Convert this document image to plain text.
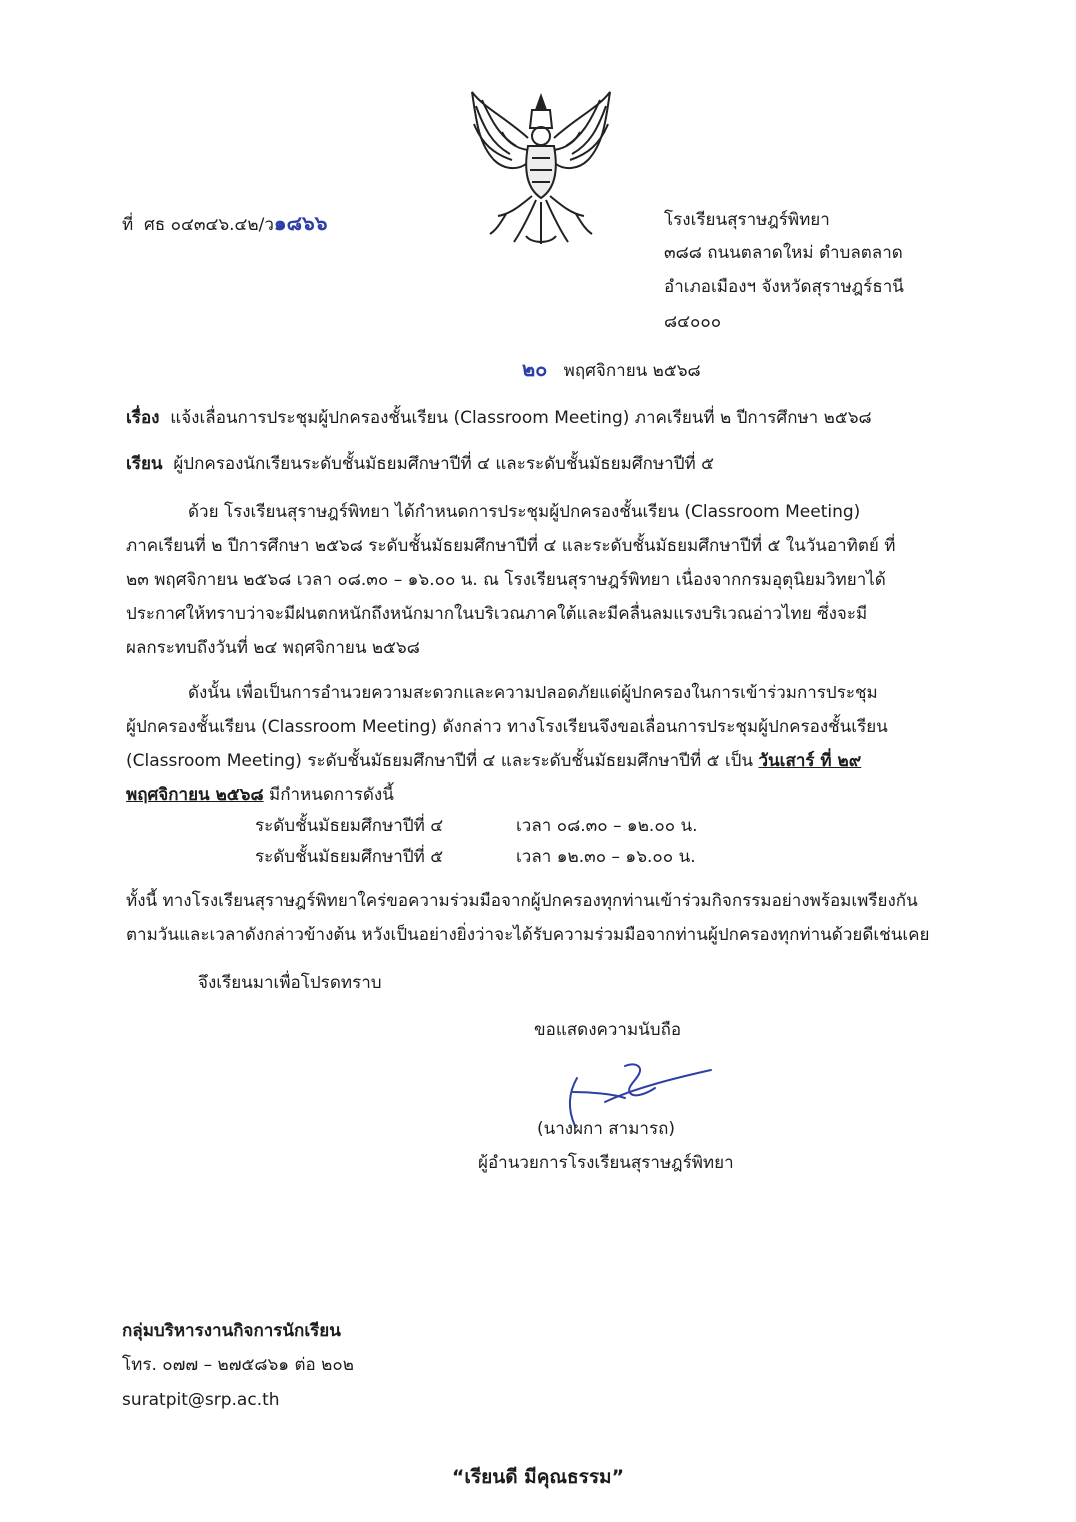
ที่ ศธ ๐๔๓๔๖.๔๒/ว๑๘๖๖	โรงเรียนสุราษฎร์พิทยา
๓๘๘ ถนนตลาดใหม่ ตำบลตลาด
อำเภอเมืองฯ จังหวัดสุราษฎร์ธานี
๘๔๐๐๐
๒๐ พฤศจิกายน ๒๕๖๘
เรื่อง แจ้งเลื่อนการประชุมผู้ปกครองชั้นเรียน (Classroom Meeting) ภาคเรียนที่ ๒ ปีการศึกษา ๒๕๖๘
เรียน ผู้ปกครองนักเรียนระดับชั้นมัธยมศึกษาปีที่ ๔ และระดับชั้นมัธยมศึกษาปีที่ ๕
ด้วย โรงเรียนสุราษฎร์พิทยา ได้กำหนดการประชุมผู้ปกครองชั้นเรียน (Classroom Meeting)
ภาคเรียนที่ ๒ ปีการศึกษา ๒๕๖๘ ระดับชั้นมัธยมศึกษาปีที่ ๔ และระดับชั้นมัธยมศึกษาปีที่ ๕ ในวันอาทิตย์ ที่
๒๓ พฤศจิกายน ๒๕๖๘ เวลา ๐๘.๓๐ – ๑๖.๐๐ น. ณ โรงเรียนสุราษฎร์พิทยา เนื่องจากกรมอุตุนิยมวิทยาได้
ประกาศให้ทราบว่าจะมีฝนตกหนักถึงหนักมากในบริเวณภาคใต้และมีคลื่นลมแรงบริเวณอ่าวไทย ซึ่งจะมี
ผลกระทบถึงวันที่ ๒๔ พฤศจิกายน ๒๕๖๘
ดังนั้น เพื่อเป็นการอำนวยความสะดวกและความปลอดภัยแด่ผู้ปกครองในการเข้าร่วมการประชุม
ผู้ปกครองชั้นเรียน (Classroom Meeting) ดังกล่าว ทางโรงเรียนจึงขอเลื่อนการประชุมผู้ปกครองชั้นเรียน
(Classroom Meeting) ระดับชั้นมัธยมศึกษาปีที่ ๔ และระดับชั้นมัธยมศึกษาปีที่ ๕ เป็น วันเสาร์ ที่ ๒๙
พฤศจิกายน ๒๕๖๘ มีกำหนดการดังนี้
ระดับชั้นมัธยมศึกษาปีที่ ๔	เวลา ๐๘.๓๐ – ๑๒.๐๐ น.
ระดับชั้นมัธยมศึกษาปีที่ ๕	เวลา ๑๒.๓๐ – ๑๖.๐๐ น.
ทั้งนี้ ทางโรงเรียนสุราษฎร์พิทยาใคร่ขอความร่วมมือจากผู้ปกครองทุกท่านเข้าร่วมกิจกรรมอย่างพร้อมเพรียงกัน
ตามวันและเวลาดังกล่าวข้างต้น หวังเป็นอย่างยิ่งว่าจะได้รับความร่วมมือจากท่านผู้ปกครองทุกท่านด้วยดีเช่นเคย
จึงเรียนมาเพื่อโปรดทราบ
ขอแสดงความนับถือ
(นางผกา สามารถ)
ผู้อำนวยการโรงเรียนสุราษฎร์พิทยา
กลุ่มบริหารงานกิจการนักเรียน
โทร. ๐๗๗ – ๒๗๕๘๖๑ ต่อ ๒๐๒
suratpit@srp.ac.th
“เรียนดี มีคุณธรรม”
